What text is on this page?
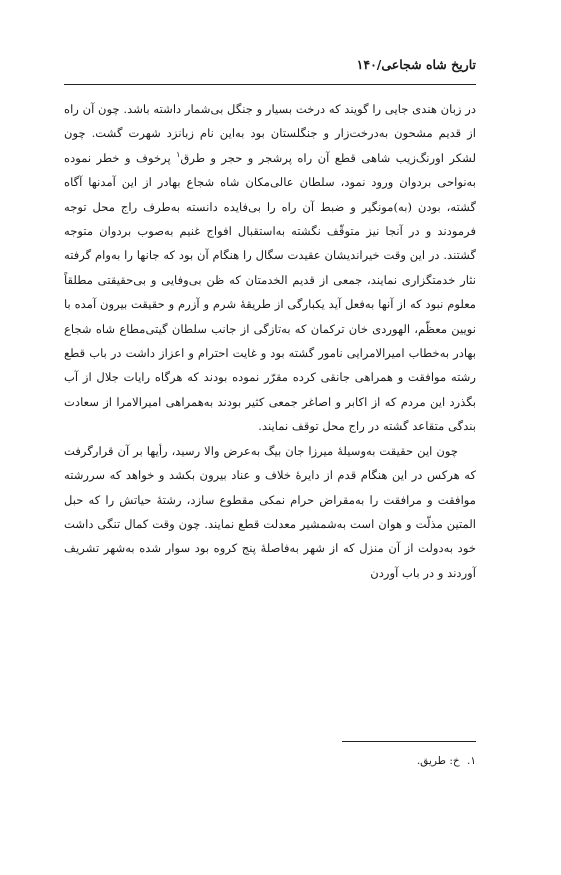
تاریخ شاه شجاعی/۱۴۰

در زبان هندی جایی را گویند که درخت بسیار و جنگل بی‌شمار داشته باشد. چون آن راه از قدیم مشحون به‌درخت‌زار و جنگلستان بود به‌این نام زبانزد شهرت گشت. چون لشکر اورنگ‌زیب شاهی قطع آن راه پرشجر و حجر و طرق$^۱$ پرخوف و خطر نموده به‌نواحی بردوان ورود نمود، سلطان عالی‌مکان شاه شجاع بهادر از این آمدنها آگاه گشته، بودن (به)مونگیر و ضبط آن راه را بی‌فایده دانسته به‌طرف راج محل توجه فرمودند و در آنجا نیز متوقّف نگشته به‌استقبال افواج غنیم به‌صوب بردوان متوجه گشتند. در این وقت خیراندیشان عقیدت سگال را هنگام آن بود که جانها را به‌وام گرفته نثار خدمتگزاری نمایند، جمعی از قدیم الخدمتان که ظن بی‌وفایی و بی‌حقیقتی مطلقاً معلوم نبود که از آنها به‌فعل آید یکبارگی از طریقهٔ شرم و آزرم و حقیقت بیرون آمده با نویین معظّم، الهوردی خان ترکمان که به‌تازگی از جانب سلطان گیتی‌مطاع شاه شجاع بهادر به‌خطاب امیرالامرایی نامور گشته بود و غایت احترام و اعزاز داشت در باب قطع رشته موافقت و همراهی جانقی کرده مقرّر نموده بودند که هرگاه رایات جلال از آب بگذرد این مردم که از اکابر و اصاغر جمعی کثیر بودند به‌همراهی امیرالامرا از سعادت بندگی متقاعد گشته در راج محل توقف نمایند.

چون این حقیقت به‌وسیلهٔ میرزا جان بیگ به‌عرض والا رسید، رأیها بر آن قرارگرفت که هرکس در این هنگام قدم از دایرهٔ خلاف و عناد بیرون بکشد و خواهد که سررشته موافقت و مرافقت را به‌مقراض حرام نمکی مقطوع سازد، رشتهٔ حیاتش را که حبل المتین مذلّت و هوان است به‌شمشیر معدلت قطع نمایند. چون وقت کمال تنگی داشت خود به‌دولت از آن منزل که از شهر به‌فاصلهٔ پنج کروه بود سوار شده به‌شهر تشریف آوردند و در باب آوردن

۱. خ: طریق.
